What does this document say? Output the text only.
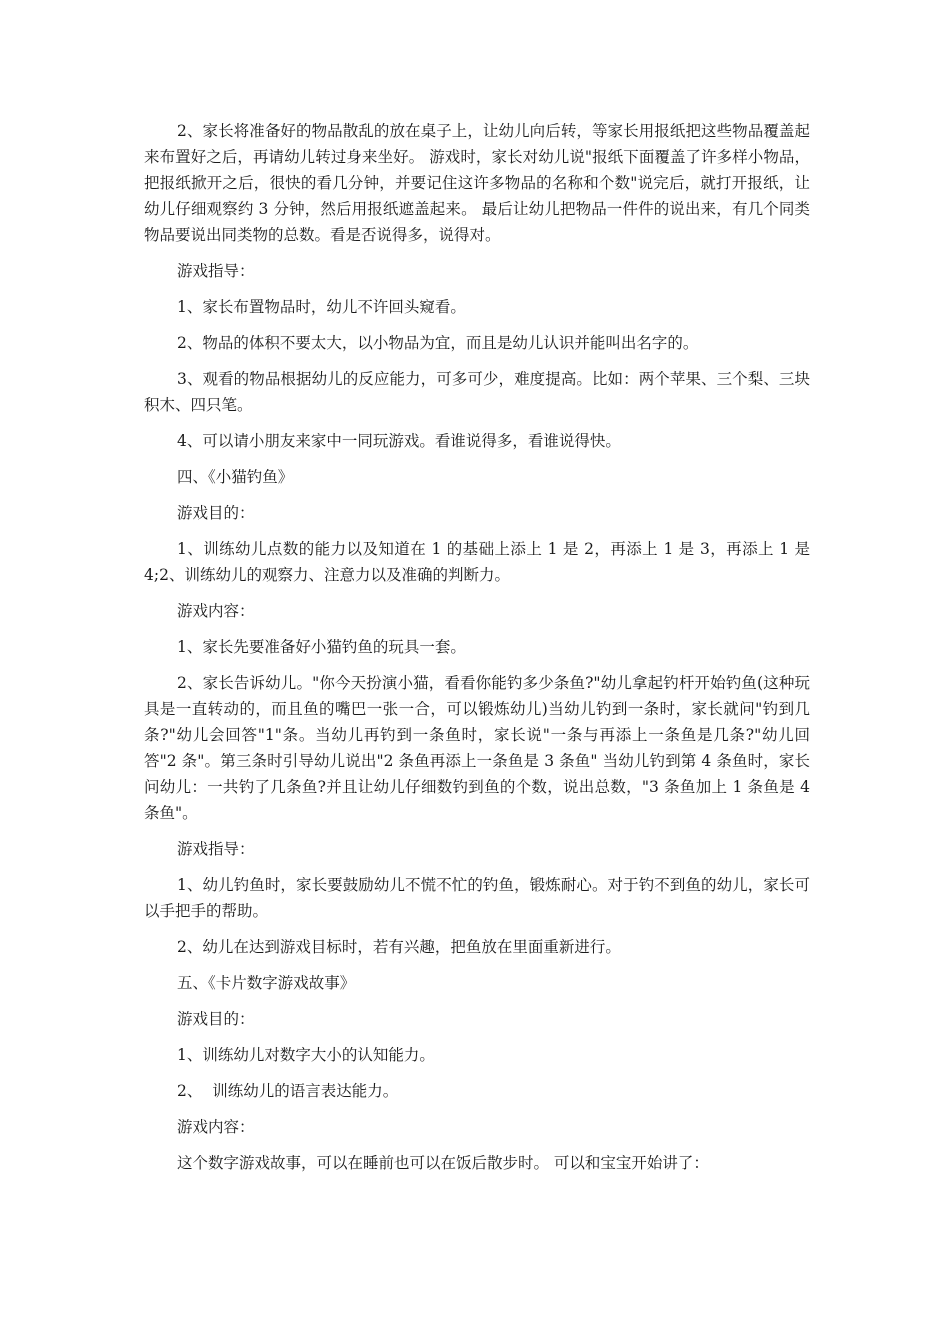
2、家长将准备好的物品散乱的放在桌子上，让幼儿向后转，等家长用报纸把这些物品覆盖起来布置好之后，再请幼儿转过身来坐好。 游戏时，家长对幼儿说"报纸下面覆盖了许多样小物品，把报纸掀开之后，很快的看几分钟，并要记住这许多物品的名称和个数"说完后，就打开报纸，让幼儿仔细观察约 3 分钟，然后用报纸遮盖起来。 最后让幼儿把物品一件件的说出来，有几个同类物品要说出同类物的总数。看是否说得多，说得对。

游戏指导：

1、家长布置物品时，幼儿不许回头窥看。

2、物品的体积不要太大，以小物品为宜，而且是幼儿认识并能叫出名字的。

3、观看的物品根据幼儿的反应能力，可多可少，难度提高。比如：两个苹果、三个梨、三块积木、四只笔。

4、可以请小朋友来家中一同玩游戏。看谁说得多，看谁说得快。

四、《小猫钓鱼》

游戏目的：

1、训练幼儿点数的能力以及知道在 1 的基础上添上 1 是 2，再添上 1 是 3，再添上 1 是 4;2、训练幼儿的观察力、注意力以及准确的判断力。

游戏内容：

1、家长先要准备好小猫钓鱼的玩具一套。

2、家长告诉幼儿。"你今天扮演小猫，看看你能钓多少条鱼?"幼儿拿起钓杆开始钓鱼(这种玩具是一直转动的，而且鱼的嘴巴一张一合，可以锻炼幼儿)当幼儿钓到一条时，家长就问"钓到几条?"幼儿会回答"1"条。当幼儿再钓到一条鱼时，家长说"一条与再添上一条鱼是几条?"幼儿回答"2 条"。第三条时引导幼儿说出"2 条鱼再添上一条鱼是 3 条鱼" 当幼儿钓到第 4 条鱼时，家长问幼儿：一共钓了几条鱼?并且让幼儿仔细数钓到鱼的个数，说出总数，"3 条鱼加上 1 条鱼是 4 条鱼"。

游戏指导：

1、幼儿钓鱼时，家长要鼓励幼儿不慌不忙的钓鱼，锻炼耐心。对于钓不到鱼的幼儿，家长可以手把手的帮助。

2、幼儿在达到游戏目标时，若有兴趣，把鱼放在里面重新进行。

五、《卡片数字游戏故事》

游戏目的：

1、训练幼儿对数字大小的认知能力。

2、  训练幼儿的语言表达能力。

游戏内容：

这个数字游戏故事，可以在睡前也可以在饭后散步时。 可以和宝宝开始讲了：
